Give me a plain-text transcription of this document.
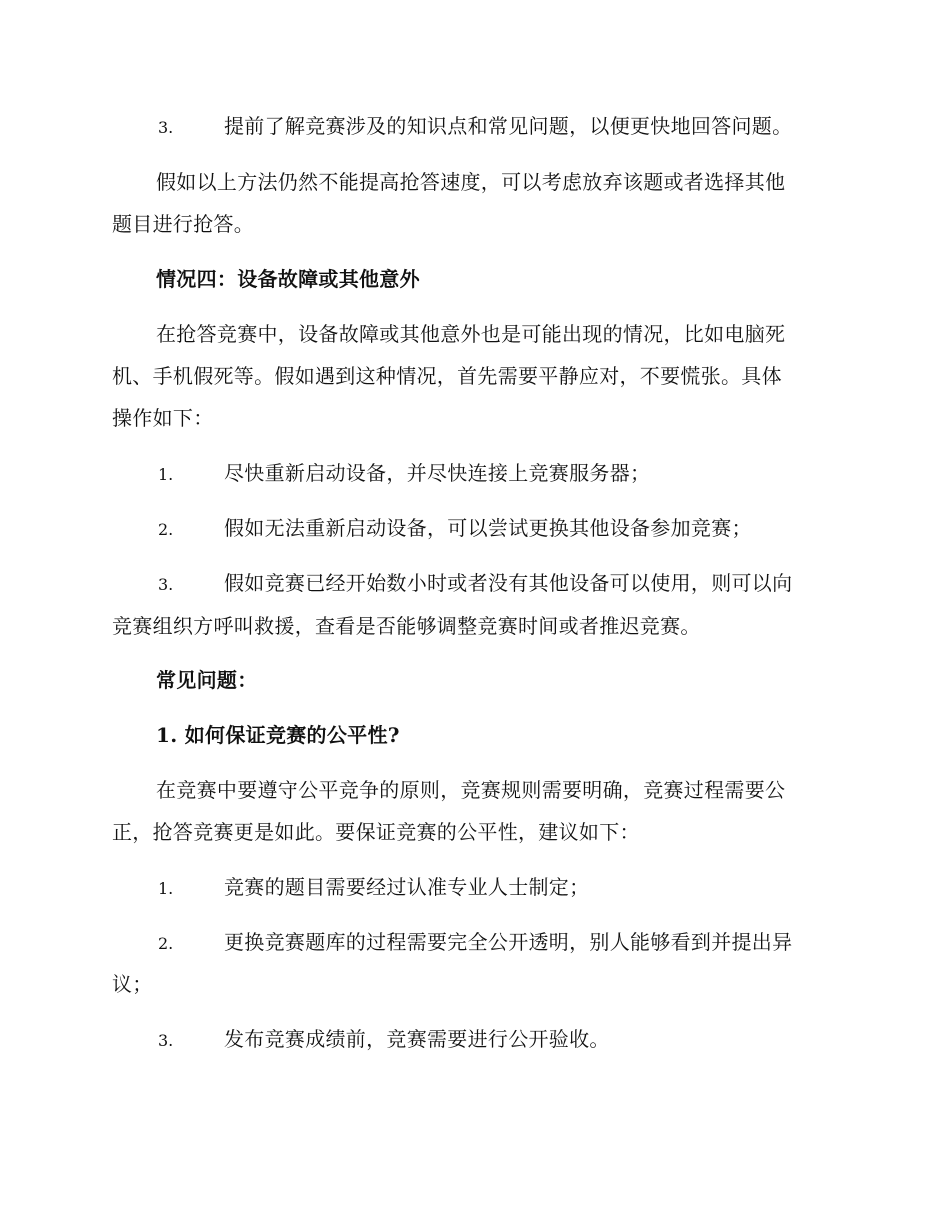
3.	提前了解竞赛涉及的知识点和常见问题，以便更快地回答问题。
假如以上方法仍然不能提高抢答速度，可以考虑放弃该题或者选择其他
题目进行抢答。
情况四：设备故障或其他意外
在抢答竞赛中，设备故障或其他意外也是可能出现的情况，比如电脑死
机、手机假死等。假如遇到这种情况，首先需要平静应对，不要慌张。具体
操作如下：
1.	尽快重新启动设备，并尽快连接上竞赛服务器；
2.	假如无法重新启动设备，可以尝试更换其他设备参加竞赛；
3.	假如竞赛已经开始数小时或者没有其他设备可以使用，则可以向
竞赛组织方呼叫救援，查看是否能够调整竞赛时间或者推迟竞赛。
常见问题：
1. 如何保证竞赛的公平性?
在竞赛中要遵守公平竞争的原则，竞赛规则需要明确，竞赛过程需要公
正，抢答竞赛更是如此。要保证竞赛的公平性，建议如下：
1.	竞赛的题目需要经过认准专业人士制定；
2.	更换竞赛题库的过程需要完全公开透明，别人能够看到并提出异
议；
3.	发布竞赛成绩前，竞赛需要进行公开验收。
